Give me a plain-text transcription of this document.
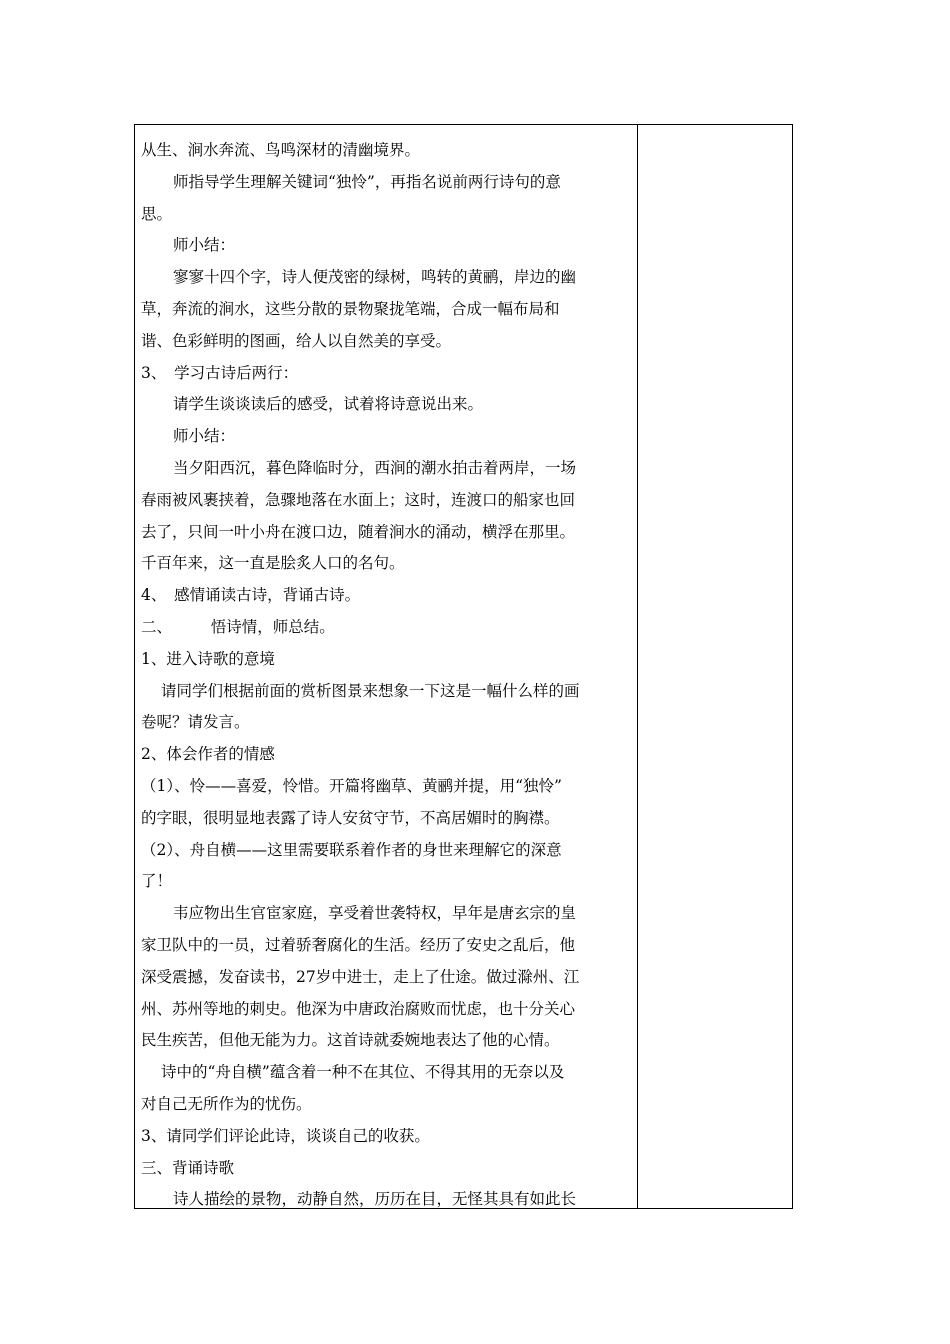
从生、涧水奔流、鸟鸣深材的清幽境界。
师指导学生理解关键词“独怜”，再指名说前两行诗句的意
思。
师小结：
寥寥十四个字，诗人便茂密的绿树，鸣转的黄鹂，岸边的幽
草，奔流的涧水，这些分散的景物聚拢笔端，合成一幅布局和
谐、色彩鲜明的图画，给人以自然美的享受。
3、　学习古诗后两行：
请学生谈谈读后的感受，试着将诗意说出来。
师小结：
当夕阳西沉，暮色降临时分，西涧的潮水拍击着两岸，一场
春雨被风裹挟着，急骤地落在水面上；这时，连渡口的船家也回
去了，只间一叶小舟在渡口边，随着涧水的涌动，横浮在那里。
千百年来，这一直是脍炙人口的名句。
4、　感情诵读古诗，背诵古诗。
二、　　　悟诗情，师总结。
1、进入诗歌的意境
请同学们根据前面的赏析图景来想象一下这是一幅什么样的画
卷呢？请发言。
2、体会作者的情感
（1）、怜——喜爱，怜惜。开篇将幽草、黄鹂并提，用“独怜”
的字眼，很明显地表露了诗人安贫守节，不高居媚时的胸襟。
（2）、舟自横——这里需要联系着作者的身世来理解它的深意
了！
韦应物出生官宦家庭，享受着世袭特权，早年是唐玄宗的皇
家卫队中的一员，过着骄奢腐化的生活。经历了安史之乱后，他
深受震撼，发奋读书，27岁中进士，走上了仕途。做过滁州、江
州、苏州等地的刺史。他深为中唐政治腐败而忧虑，也十分关心
民生疾苦，但他无能为力。这首诗就委婉地表达了他的心情。
诗中的“舟自横”蕴含着一种不在其位、不得其用的无奈以及
对自己无所作为的忧伤。
3、请同学们评论此诗，谈谈自己的收获。
三、背诵诗歌
诗人描绘的景物，动静自然，历历在目，无怪其具有如此长
